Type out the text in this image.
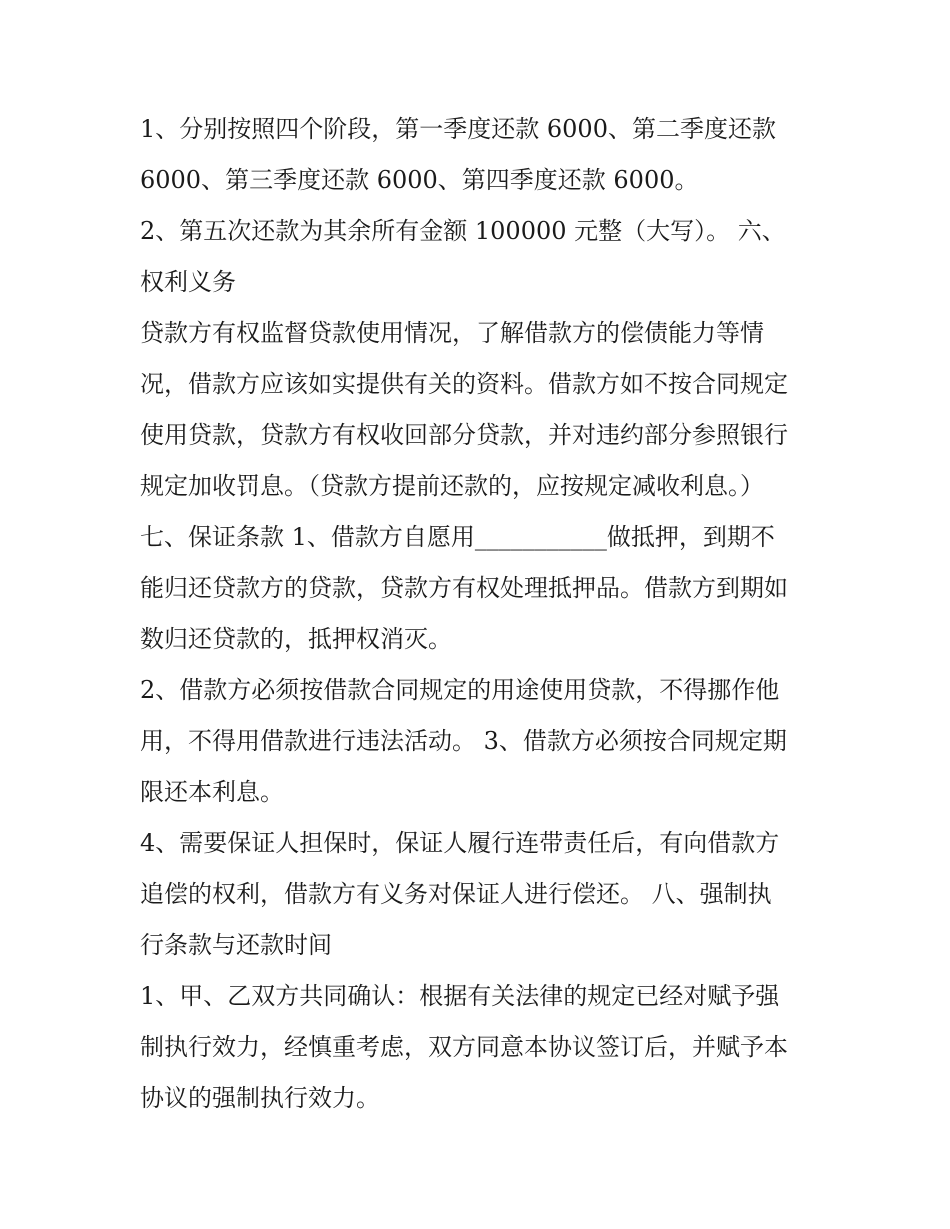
1、分别按照四个阶段，第一季度还款 6000、第二季度还款
6000、第三季度还款 6000、第四季度还款 6000。
2、第五次还款为其余所有金额 100000 元整（大写）。 六、
权利义务
贷款方有权监督贷款使用情况，了解借款方的偿债能力等情
况，借款方应该如实提供有关的资料。借款方如不按合同规定
使用贷款，贷款方有权收回部分贷款，并对违约部分参照银行
规定加收罚息。（贷款方提前还款的，应按规定减收利息。）
七、保证条款 1、借款方自愿用___________做抵押，到期不
能归还贷款方的贷款，贷款方有权处理抵押品。借款方到期如
数归还贷款的，抵押权消灭。
2、借款方必须按借款合同规定的用途使用贷款，不得挪作他
用，不得用借款进行违法活动。 3、借款方必须按合同规定期
限还本利息。
4、需要保证人担保时，保证人履行连带责任后，有向借款方
追偿的权利，借款方有义务对保证人进行偿还。 八、强制执
行条款与还款时间
1、甲、乙双方共同确认：根据有关法律的规定已经对赋予强
制执行效力，经慎重考虑，双方同意本协议签订后，并赋予本
协议的强制执行效力。
